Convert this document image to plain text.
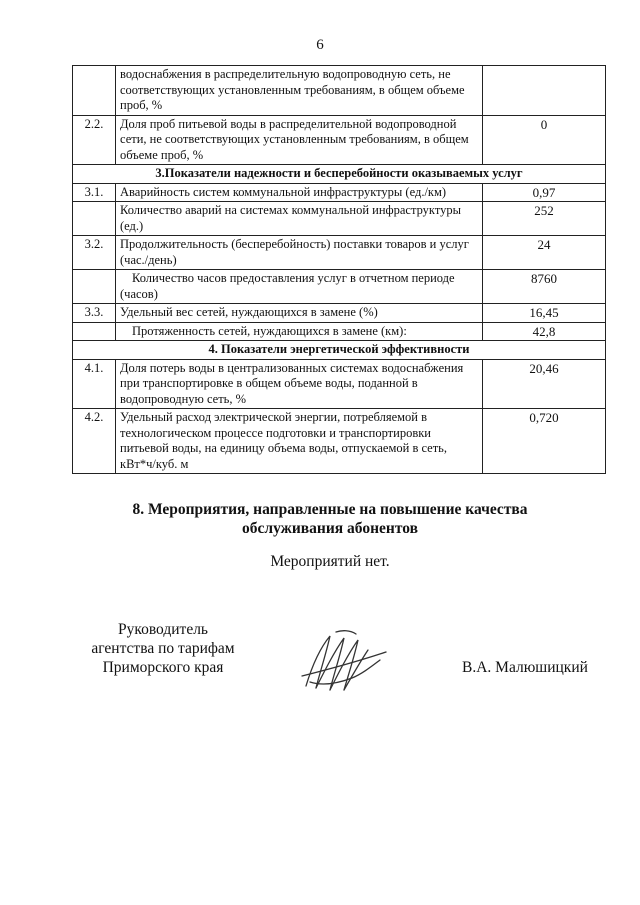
6
	водоснабжения в распределительную водопроводную сеть, не соответствующих установленным требованиям, в общем объеме проб, %	
2.2.	Доля проб питьевой воды в распределительной водопроводной сети, не соответствующих установленным требованиям, в общем объеме проб, %	0
3.Показатели надежности и бесперебойности оказываемых услуг		
3.1.	Аварийность систем коммунальной инфраструктуры (ед./км)	0,97
	Количество аварий на системах коммунальной инфраструктуры (ед.)	252
3.2.	Продолжительность (бесперебойность) поставки товаров и услуг (час./день)	24
	Количество часов предоставления услуг в отчетном периоде (часов)	8760
3.3.	Удельный вес сетей, нуждающихся в замене (%)	16,45
	Протяженность сетей, нуждающихся в замене (км):	42,8
4. Показатели энергетической эффективности		
4.1.	Доля потерь воды в централизованных системах водоснабжения при транспортировке в общем объеме воды, поданной в водопроводную сеть, %	20,46
4.2.	Удельный расход электрической энергии, потребляемой в технологическом процессе подготовки и транспортировки питьевой воды, на единицу объема воды, отпускаемой в сеть, кВт*ч/куб. м	0,720
8. Мероприятия, направленные на повышение качества
обслуживания абонентов
Мероприятий нет.
Руководитель
агентства по тарифам
Приморского края	В.А. Малюшицкий
